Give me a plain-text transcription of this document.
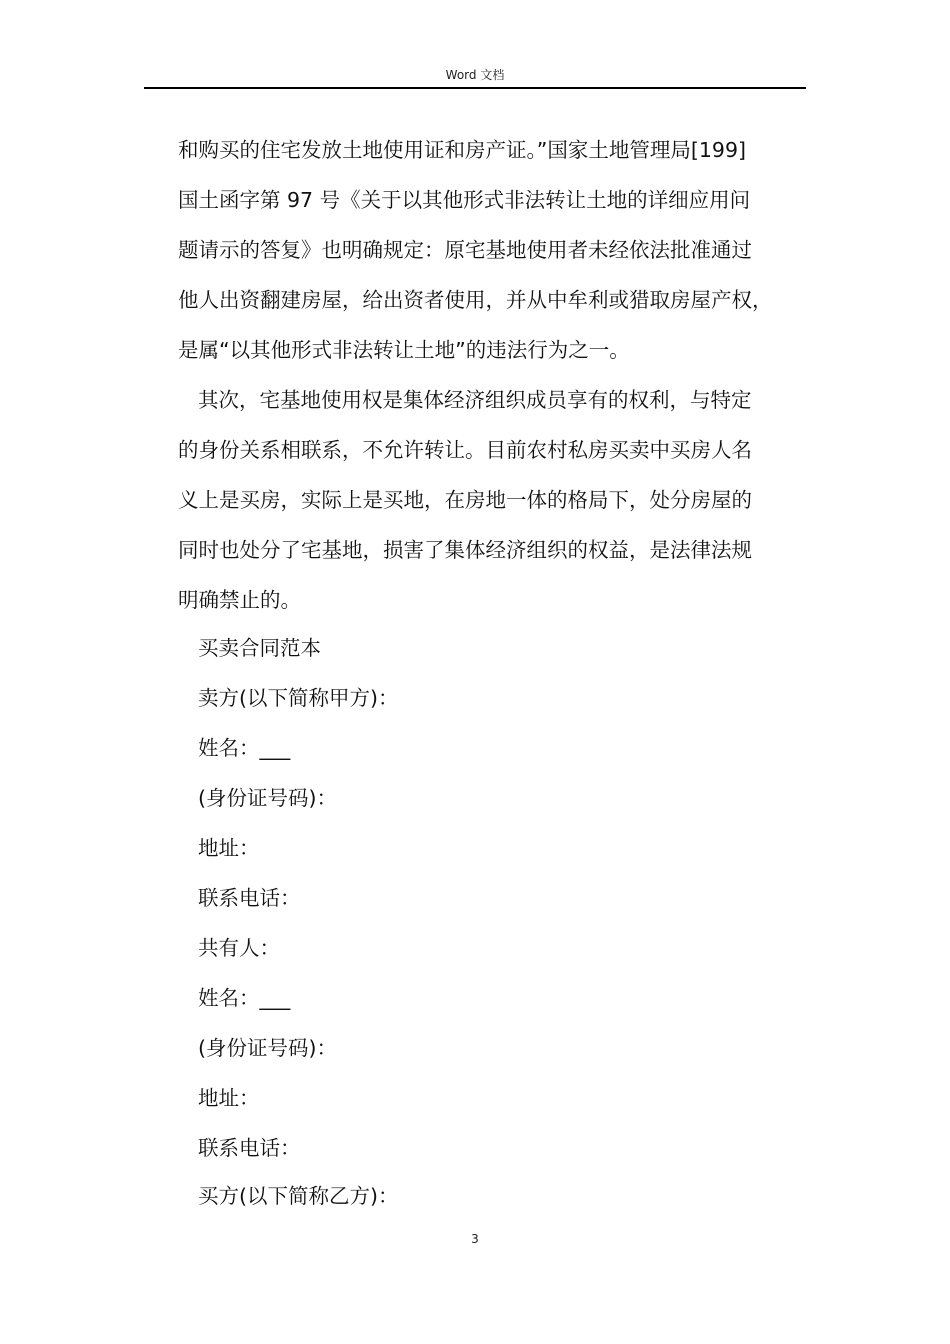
Word 文档
和购买的住宅发放土地使用证和房产证。”国家土地管理局[199]
国土函字第 97 号《关于以其他形式非法转让土地的详细应用问
题请示的答复》也明确规定：原宅基地使用者未经依法批准通过
他人出资翻建房屋，给出资者使用，并从中牟利或猎取房屋产权，
是属“以其他形式非法转让土地”的违法行为之一。
其次，宅基地使用权是集体经济组织成员享有的权利，与特定
的身份关系相联系，不允许转让。目前农村私房买卖中买房人名
义上是买房，实际上是买地，在房地一体的格局下，处分房屋的
同时也处分了宅基地，损害了集体经济组织的权益，是法律法规
明确禁止的。
买卖合同范本
卖方(以下简称甲方)：
姓名：___
(身份证号码)：
地址：
联系电话：
共有人：
姓名：___
(身份证号码)：
地址：
联系电话：
买方(以下简称乙方)：
3
